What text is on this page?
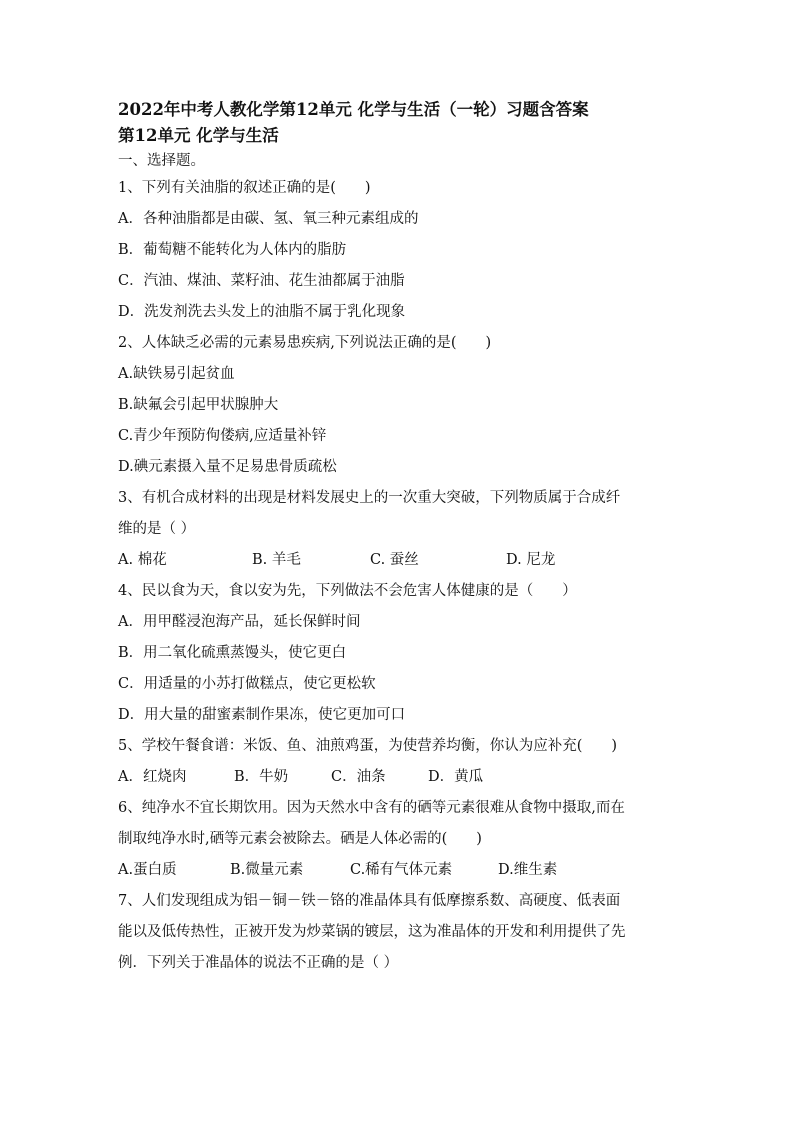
2022年中考人教化学第12单元 化学与生活（一轮）习题含答案

第12单元 化学与生活

一、选择题。

1、下列有关油脂的叙述正确的是(　　)

A．各种油脂都是由碳、氢、氧三种元素组成的

B．葡萄糖不能转化为人体内的脂肪

C．汽油、煤油、菜籽油、花生油都属于油脂

D．洗发剂洗去头发上的油脂不属于乳化现象

2、人体缺乏必需的元素易患疾病,下列说法正确的是(　　)

A.缺铁易引起贫血

B.缺氟会引起甲状腺肿大

C.青少年预防佝偻病,应适量补锌

D.碘元素摄入量不足易患骨质疏松

3、有机合成材料的出现是材料发展史上的一次重大突破，下列物质属于合成纤

维的是（ ）

A. 棉花	B. 羊毛	C. 蚕丝	D. 尼龙

4、民以食为天，食以安为先，下列做法不会危害人体健康的是（　　）

A．用甲醛浸泡海产品，延长保鲜时间

B．用二氧化硫熏蒸馒头，使它更白

C．用适量的小苏打做糕点，使它更松软

D．用大量的甜蜜素制作果冻，使它更加可口

5、学校午餐食谱：米饭、鱼、油煎鸡蛋，为使营养均衡，你认为应补充(　　)

A．红烧肉	B．牛奶	C．油条	D．黄瓜

6、纯净水不宜长期饮用。因为天然水中含有的硒等元素很难从食物中摄取,而在

制取纯净水时,硒等元素会被除去。硒是人体必需的(　　)

A.蛋白质	B.微量元素	C.稀有气体元素	D.维生素

7、人们发现组成为铝－铜－铁－铬的准晶体具有低摩擦系数、高硬度、低表面

能以及低传热性，正被开发为炒菜锅的镀层，这为准晶体的开发和利用提供了先

例．下列关于准晶体的说法不正确的是（ ）
